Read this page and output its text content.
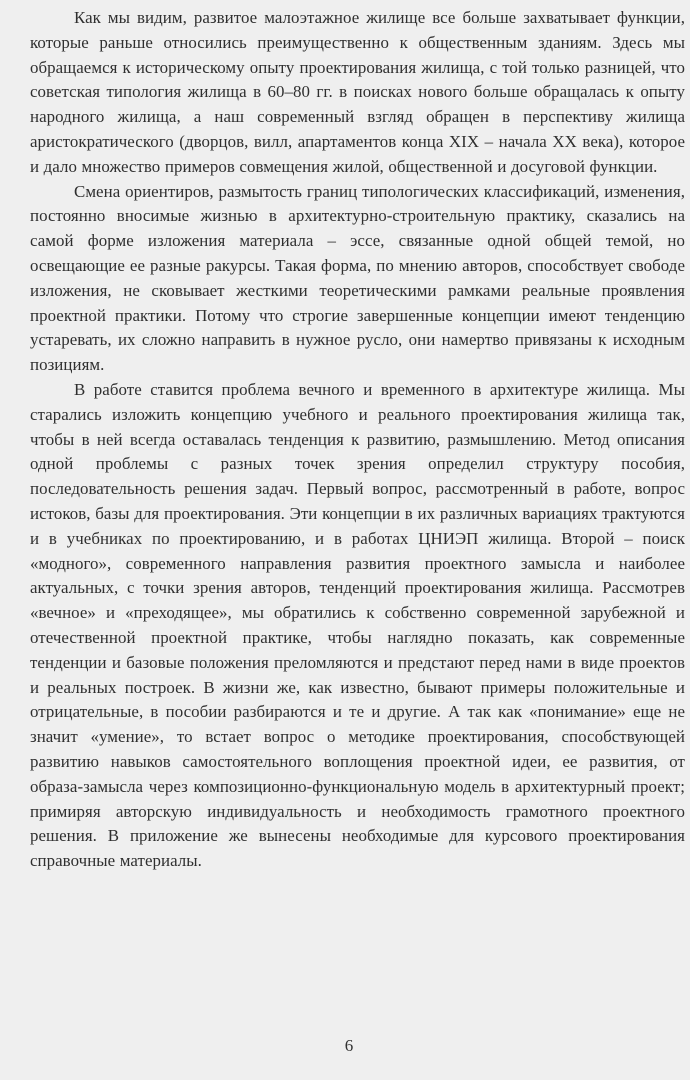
Как мы видим, развитое малоэтажное жилище все больше захватывает функции, которые раньше относились преимущественно к общественным зданиям. Здесь мы обращаемся к историческому опыту проектирования жилища, с той только разницей, что советская типология жилища в 60–80 гг. в поисках нового больше обращалась к опыту народного жилища, а наш современный взгляд обращен в перспективу жилища аристократического (дворцов, вилл, апартаментов конца XIX – начала XX века), которое и дало множество примеров совмещения жилой, общественной и досуговой функции.

Смена ориентиров, размытость границ типологических классификаций, изменения, постоянно вносимые жизнью в архитектурно-строительную практику, сказались на самой форме изложения материала – эссе, связанные одной общей темой, но освещающие ее разные ракурсы. Такая форма, по мнению авторов, способствует свободе изложения, не сковывает жесткими теоретическими рамками реальные проявления проектной практики. Потому что строгие завершенные концепции имеют тенденцию устаревать, их сложно направить в нужное русло, они намертво привязаны к исходным позициям.

В работе ставится проблема вечного и временного в архитектуре жилища. Мы старались изложить концепцию учебного и реального проектирования жилища так, чтобы в ней всегда оставалась тенденция к развитию, размышлению. Метод описания одной проблемы с разных точек зрения определил структуру пособия, последовательность решения задач. Первый вопрос, рассмотренный в работе, вопрос истоков, базы для проектирования. Эти концепции в их различных вариациях трактуются и в учебниках по проектированию, и в работах ЦНИЭП жилища. Второй – поиск «модного», современного направления развития проектного замысла и наиболее актуальных, с точки зрения авторов, тенденций проектирования жилища. Рассмотрев «вечное» и «преходящее», мы обратились к собственно современной зарубежной и отечественной проектной практике, чтобы наглядно показать, как современные тенденции и базовые положения преломляются и предстают перед нами в виде проектов и реальных построек. В жизни же, как известно, бывают примеры положительные и отрицательные, в пособии разбираются и те и другие. А так как «понимание» еще не значит «умение», то встает вопрос о методике проектирования, способствующей развитию навыков самостоятельного воплощения проектной идеи, ее развития, от образа-замысла через композиционно-функциональную модель в архитектурный проект; примиряя авторскую индивидуальность и необходимость грамотного проектного решения. В приложение же вынесены необходимые для курсового проектирования справочные материалы.

6
